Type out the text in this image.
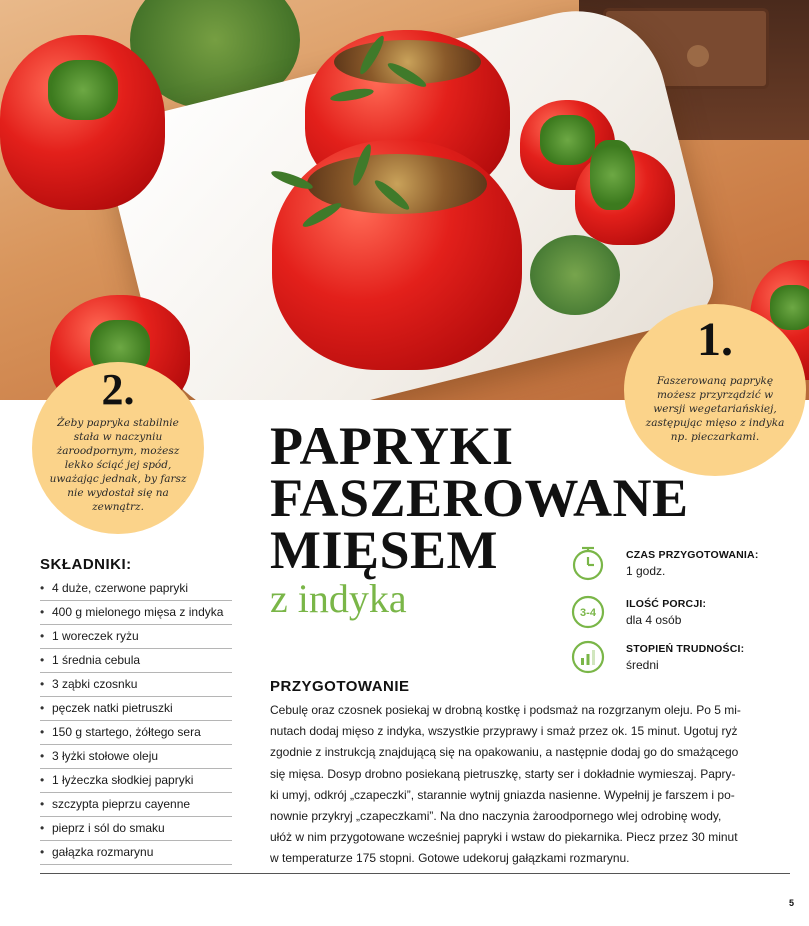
2.
Żeby papryka stabilnie stała w naczyniu żaroodpornym, możesz lekko ściąć jej spód, uważając jednak, by farsz nie wydostał się na zewnątrz.
1.
Faszerowaną paprykę możesz przyrządzić w wersji wegetariańskiej, zastępując mięso z indyka np. pieczarkami.
PAPRYKI
FASZEROWANE
MIĘSEM

z indyka

SKŁADNIKI:
• 4 duże, czerwone papryki
• 400 g mielonego mięsa z indyka
• 1 woreczek ryżu
• 1 średnia cebula
• 3 ząbki czosnku
• pęczek natki pietruszki
• 150 g startego, żółtego sera
• 3 łyżki stołowe oleju
• 1 łyżeczka słodkiej papryki
• szczypta pieprzu cayenne
• pieprz i sól do smaku
• gałązka rozmarynu
CZAS PRZYGOTOWANIA:
1 godz.
3-4
ILOŚĆ PORCJI:
dla 4 osób
STOPIEŃ TRUDNOŚCI:
średni
PRZYGOTOWANIE

Cebulę oraz czosnek posiekaj w drobną kostkę i podsmaż na rozgrzanym oleju. Po 5 mi-
nutach dodaj mięso z indyka, wszystkie przyprawy i smaż przez ok. 15 minut. Ugotuj ryż
zgodnie z instrukcją znajdującą się na opakowaniu, a następnie dodaj go do smażącego
się mięsa. Dosyp drobno posiekaną pietruszkę, starty ser i dokładnie wymieszaj. Papry-
ki umyj, odkrój „czapeczki”, starannie wytnij gniazda nasienne. Wypełnij je farszem i po-
nownie przykryj „czapeczkami”. Na dno naczynia żaroodpornego wlej odrobinę wody,
ułóż w nim przygotowane wcześniej papryki i wstaw do piekarnika. Piecz przez 30 minut
w temperaturze 175 stopni. Gotowe udekoruj gałązkami rozmarynu.

5
